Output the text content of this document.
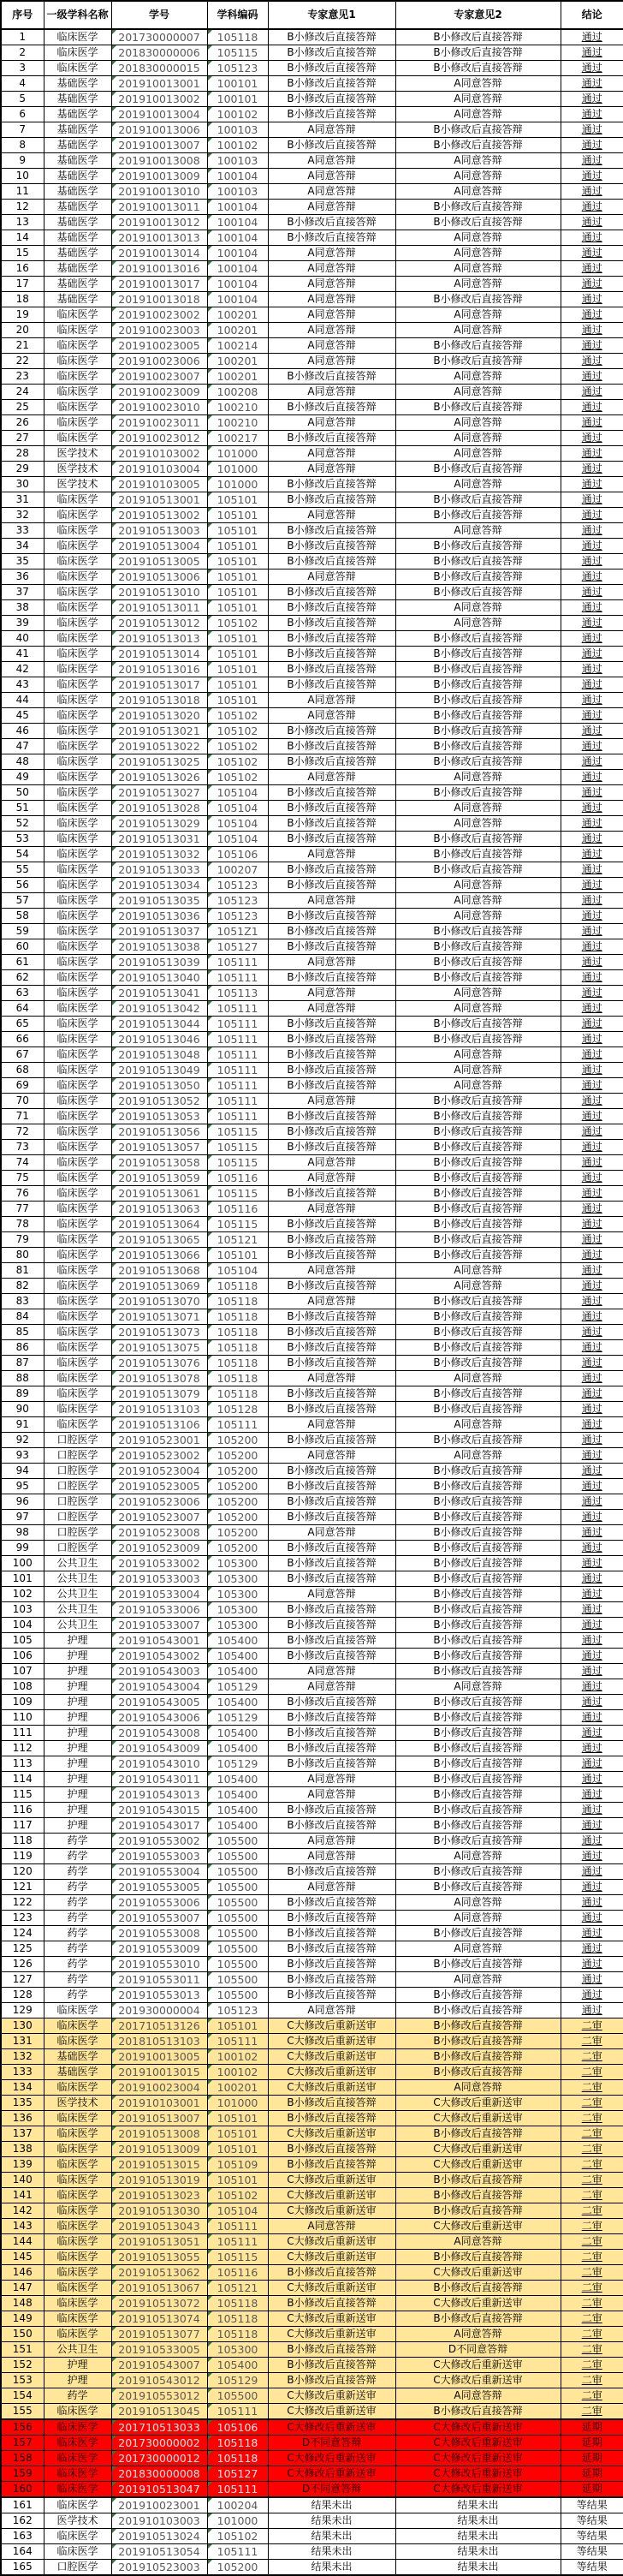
序号	一级学科名称	学号	学科编码	专家意见1	专家意见2	结论
1	临床医学	201730000007	105118	B小修改后直接答辩	B小修改后直接答辩	通过
2	临床医学	201830000006	105115	B小修改后直接答辩	B小修改后直接答辩	通过
3	临床医学	201830000015	105123	B小修改后直接答辩	B小修改后直接答辩	通过
4	基础医学	201910013001	100101	B小修改后直接答辩	A同意答辩	通过
5	基础医学	201910013002	100101	B小修改后直接答辩	A同意答辩	通过
6	基础医学	201910013004	100102	B小修改后直接答辩	A同意答辩	通过
7	基础医学	201910013006	100103	A同意答辩	B小修改后直接答辩	通过
8	基础医学	201910013007	100102	B小修改后直接答辩	B小修改后直接答辩	通过
9	基础医学	201910013008	100103	A同意答辩	A同意答辩	通过
10	基础医学	201910013009	100104	A同意答辩	A同意答辩	通过
11	基础医学	201910013010	100103	A同意答辩	A同意答辩	通过
12	基础医学	201910013011	100104	A同意答辩	B小修改后直接答辩	通过
13	基础医学	201910013012	100104	B小修改后直接答辩	B小修改后直接答辩	通过
14	基础医学	201910013013	100104	B小修改后直接答辩	A同意答辩	通过
15	基础医学	201910013014	100104	A同意答辩	A同意答辩	通过
16	基础医学	201910013016	100104	A同意答辩	A同意答辩	通过
17	基础医学	201910013017	100104	A同意答辩	A同意答辩	通过
18	基础医学	201910013018	100104	A同意答辩	B小修改后直接答辩	通过
19	临床医学	201910023002	100201	A同意答辩	A同意答辩	通过
20	临床医学	201910023003	100201	A同意答辩	A同意答辩	通过
21	临床医学	201910023005	100214	A同意答辩	B小修改后直接答辩	通过
22	临床医学	201910023006	100201	A同意答辩	B小修改后直接答辩	通过
23	临床医学	201910023007	100201	B小修改后直接答辩	A同意答辩	通过
24	临床医学	201910023009	100208	A同意答辩	A同意答辩	通过
25	临床医学	201910023010	100210	B小修改后直接答辩	B小修改后直接答辩	通过
26	临床医学	201910023011	100210	A同意答辩	A同意答辩	通过
27	临床医学	201910023012	100217	B小修改后直接答辩	A同意答辩	通过
28	医学技术	201910103002	101000	A同意答辩	A同意答辩	通过
29	医学技术	201910103004	101000	A同意答辩	B小修改后直接答辩	通过
30	医学技术	201910103005	101000	B小修改后直接答辩	A同意答辩	通过
31	临床医学	201910513001	105101	B小修改后直接答辩	B小修改后直接答辩	通过
32	临床医学	201910513002	105101	A同意答辩	B小修改后直接答辩	通过
33	临床医学	201910513003	105101	B小修改后直接答辩	A同意答辩	通过
34	临床医学	201910513004	105101	B小修改后直接答辩	B小修改后直接答辩	通过
35	临床医学	201910513005	105101	B小修改后直接答辩	B小修改后直接答辩	通过
36	临床医学	201910513006	105101	A同意答辩	B小修改后直接答辩	通过
37	临床医学	201910513010	105101	B小修改后直接答辩	B小修改后直接答辩	通过
38	临床医学	201910513011	105101	B小修改后直接答辩	A同意答辩	通过
39	临床医学	201910513012	105102	B小修改后直接答辩	A同意答辩	通过
40	临床医学	201910513013	105101	B小修改后直接答辩	B小修改后直接答辩	通过
41	临床医学	201910513014	105101	B小修改后直接答辩	B小修改后直接答辩	通过
42	临床医学	201910513016	105101	B小修改后直接答辩	B小修改后直接答辩	通过
43	临床医学	201910513017	105101	B小修改后直接答辩	B小修改后直接答辩	通过
44	临床医学	201910513018	105101	A同意答辩	B小修改后直接答辩	通过
45	临床医学	201910513020	105102	A同意答辩	B小修改后直接答辩	通过
46	临床医学	201910513021	105102	B小修改后直接答辩	B小修改后直接答辩	通过
47	临床医学	201910513022	105102	B小修改后直接答辩	B小修改后直接答辩	通过
48	临床医学	201910513025	105102	B小修改后直接答辩	B小修改后直接答辩	通过
49	临床医学	201910513026	105102	A同意答辩	A同意答辩	通过
50	临床医学	201910513027	105104	B小修改后直接答辩	B小修改后直接答辩	通过
51	临床医学	201910513028	105104	B小修改后直接答辩	A同意答辩	通过
52	临床医学	201910513029	105104	B小修改后直接答辩	A同意答辩	通过
53	临床医学	201910513031	105104	B小修改后直接答辩	B小修改后直接答辩	通过
54	临床医学	201910513032	105106	A同意答辩	B小修改后直接答辩	通过
55	临床医学	201910513033	100207	B小修改后直接答辩	B小修改后直接答辩	通过
56	临床医学	201910513034	105123	B小修改后直接答辩	A同意答辩	通过
57	临床医学	201910513035	105123	A同意答辩	A同意答辩	通过
58	临床医学	201910513036	105123	B小修改后直接答辩	A同意答辩	通过
59	临床医学	201910513037	1051Z1	B小修改后直接答辩	B小修改后直接答辩	通过
60	临床医学	201910513038	105127	B小修改后直接答辩	B小修改后直接答辩	通过
61	临床医学	201910513039	105111	A同意答辩	B小修改后直接答辩	通过
62	临床医学	201910513040	105111	B小修改后直接答辩	B小修改后直接答辩	通过
63	临床医学	201910513041	105113	A同意答辩	A同意答辩	通过
64	临床医学	201910513042	105111	A同意答辩	A同意答辩	通过
65	临床医学	201910513044	105111	B小修改后直接答辩	B小修改后直接答辩	通过
66	临床医学	201910513046	105111	B小修改后直接答辩	B小修改后直接答辩	通过
67	临床医学	201910513048	105111	B小修改后直接答辩	A同意答辩	通过
68	临床医学	201910513049	105111	B小修改后直接答辩	A同意答辩	通过
69	临床医学	201910513050	105111	B小修改后直接答辩	A同意答辩	通过
70	临床医学	201910513052	105111	A同意答辩	B小修改后直接答辩	通过
71	临床医学	201910513053	105111	B小修改后直接答辩	B小修改后直接答辩	通过
72	临床医学	201910513056	105115	B小修改后直接答辩	B小修改后直接答辩	通过
73	临床医学	201910513057	105115	B小修改后直接答辩	B小修改后直接答辩	通过
74	临床医学	201910513058	105115	A同意答辩	B小修改后直接答辩	通过
75	临床医学	201910513059	105116	A同意答辩	B小修改后直接答辩	通过
76	临床医学	201910513061	105115	B小修改后直接答辩	B小修改后直接答辩	通过
77	临床医学	201910513063	105116	A同意答辩	B小修改后直接答辩	通过
78	临床医学	201910513064	105115	B小修改后直接答辩	B小修改后直接答辩	通过
79	临床医学	201910513065	105121	B小修改后直接答辩	B小修改后直接答辩	通过
80	临床医学	201910513066	105101	B小修改后直接答辩	B小修改后直接答辩	通过
81	临床医学	201910513068	105104	A同意答辩	A同意答辩	通过
82	临床医学	201910513069	105118	B小修改后直接答辩	A同意答辩	通过
83	临床医学	201910513070	105118	A同意答辩	B小修改后直接答辩	通过
84	临床医学	201910513071	105118	B小修改后直接答辩	B小修改后直接答辩	通过
85	临床医学	201910513073	105118	B小修改后直接答辩	B小修改后直接答辩	通过
86	临床医学	201910513075	105118	B小修改后直接答辩	B小修改后直接答辩	通过
87	临床医学	201910513076	105118	B小修改后直接答辩	B小修改后直接答辩	通过
88	临床医学	201910513078	105118	A同意答辩	A同意答辩	通过
89	临床医学	201910513079	105118	B小修改后直接答辩	B小修改后直接答辩	通过
90	临床医学	201910513103	105128	B小修改后直接答辩	B小修改后直接答辩	通过
91	临床医学	201910513106	105111	A同意答辩	A同意答辩	通过
92	口腔医学	201910523001	105200	B小修改后直接答辩	B小修改后直接答辩	通过
93	口腔医学	201910523002	105200	A同意答辩	A同意答辩	通过
94	口腔医学	201910523004	105200	B小修改后直接答辩	B小修改后直接答辩	通过
95	口腔医学	201910523005	105200	B小修改后直接答辩	B小修改后直接答辩	通过
96	口腔医学	201910523006	105200	B小修改后直接答辩	B小修改后直接答辩	通过
97	口腔医学	201910523007	105200	B小修改后直接答辩	B小修改后直接答辩	通过
98	口腔医学	201910523008	105200	A同意答辩	B小修改后直接答辩	通过
99	口腔医学	201910523009	105200	B小修改后直接答辩	B小修改后直接答辩	通过
100	公共卫生	201910533002	105300	B小修改后直接答辩	B小修改后直接答辩	通过
101	公共卫生	201910533003	105300	B小修改后直接答辩	B小修改后直接答辩	通过
102	公共卫生	201910533004	105300	A同意答辩	B小修改后直接答辩	通过
103	公共卫生	201910533006	105300	B小修改后直接答辩	B小修改后直接答辩	通过
104	公共卫生	201910533007	105300	B小修改后直接答辩	B小修改后直接答辩	通过
105	护理	201910543001	105400	B小修改后直接答辩	B小修改后直接答辩	通过
106	护理	201910543002	105400	B小修改后直接答辩	B小修改后直接答辩	通过
107	护理	201910543003	105400	A同意答辩	B小修改后直接答辩	通过
108	护理	201910543004	105129	A同意答辩	A同意答辩	通过
109	护理	201910543005	105400	B小修改后直接答辩	B小修改后直接答辩	通过
110	护理	201910543006	105129	B小修改后直接答辩	B小修改后直接答辩	通过
111	护理	201910543008	105400	B小修改后直接答辩	B小修改后直接答辩	通过
112	护理	201910543009	105400	B小修改后直接答辩	B小修改后直接答辩	通过
113	护理	201910543010	105129	B小修改后直接答辩	B小修改后直接答辩	通过
114	护理	201910543011	105400	A同意答辩	B小修改后直接答辩	通过
115	护理	201910543013	105400	A同意答辩	B小修改后直接答辩	通过
116	护理	201910543015	105400	B小修改后直接答辩	B小修改后直接答辩	通过
117	护理	201910543017	105400	B小修改后直接答辩	B小修改后直接答辩	通过
118	药学	201910553002	105500	A同意答辩	B小修改后直接答辩	通过
119	药学	201910553003	105500	A同意答辩	A同意答辩	通过
120	药学	201910553004	105500	B小修改后直接答辩	B小修改后直接答辩	通过
121	药学	201910553005	105500	A同意答辩	B小修改后直接答辩	通过
122	药学	201910553006	105500	B小修改后直接答辩	A同意答辩	通过
123	药学	201910553007	105500	B小修改后直接答辩	A同意答辩	通过
124	药学	201910553008	105500	B小修改后直接答辩	B小修改后直接答辩	通过
125	药学	201910553009	105500	B小修改后直接答辩	A同意答辩	通过
126	药学	201910553010	105500	B小修改后直接答辩	B小修改后直接答辩	通过
127	药学	201910553011	105500	B小修改后直接答辩	A同意答辩	通过
128	药学	201910553013	105500	B小修改后直接答辩	B小修改后直接答辩	通过
129	临床医学	201930000004	105123	A同意答辩	B小修改后直接答辩	通过
130	临床医学	201710513126	105101	C大修改后重新送审	B小修改后直接答辩	二审
131	临床医学	201810513103	105111	C大修改后重新送审	B小修改后直接答辩	二审
132	基础医学	201910013005	100102	C大修改后重新送审	B小修改后直接答辩	二审
133	基础医学	201910013015	100102	C大修改后重新送审	B小修改后直接答辩	二审
134	临床医学	201910023004	100201	C大修改后重新送审	A同意答辩	二审
135	医学技术	201910103001	101000	B小修改后直接答辩	C大修改后重新送审	二审
136	临床医学	201910513007	105101	B小修改后直接答辩	C大修改后重新送审	二审
137	临床医学	201910513008	105101	C大修改后重新送审	B小修改后直接答辩	二审
138	临床医学	201910513009	105101	B小修改后直接答辩	C大修改后重新送审	二审
139	临床医学	201910513015	105109	B小修改后直接答辩	C大修改后重新送审	二审
140	临床医学	201910513019	105101	C大修改后重新送审	B小修改后直接答辩	二审
141	临床医学	201910513023	105102	C大修改后重新送审	B小修改后直接答辩	二审
142	临床医学	201910513030	105104	C大修改后重新送审	B小修改后直接答辩	二审
143	临床医学	201910513043	105111	A同意答辩	C大修改后重新送审	二审
144	临床医学	201910513051	105111	C大修改后重新送审	A同意答辩	二审
145	临床医学	201910513055	105115	C大修改后重新送审	B小修改后直接答辩	二审
146	临床医学	201910513062	105116	B小修改后直接答辩	C大修改后重新送审	二审
147	临床医学	201910513067	105121	C大修改后重新送审	B小修改后直接答辩	二审
148	临床医学	201910513072	105118	B小修改后直接答辩	C大修改后重新送审	二审
149	临床医学	201910513074	105118	C大修改后重新送审	B小修改后直接答辩	二审
150	临床医学	201910513077	105118	C大修改后重新送审	A同意答辩	二审
151	公共卫生	201910533005	105300	B小修改后直接答辩	D不同意答辩	二审
152	护理	201910543007	105400	B小修改后直接答辩	C大修改后重新送审	二审
153	护理	201910543012	105129	B小修改后直接答辩	C大修改后重新送审	二审
154	药学	201910553012	105500	C大修改后重新送审	A同意答辩	二审
155	临床医学	201910513045	105111	C大修改后重新送审	B小修改后直接答辩	二审
156	临床医学	201710513033	105106	C大修改后重新送审	C大修改后重新送审	延期
157	临床医学	201730000002	105118	D不同意答辩	C大修改后重新送审	延期
158	临床医学	201730000012	105118	C大修改后重新送审	C大修改后重新送审	延期
159	临床医学	201830000008	105127	C大修改后重新送审	C大修改后重新送审	延期
160	临床医学	201910513047	105111	D不同意答辩	C大修改后重新送审	延期
161	临床医学	201910023001	100204	结果未出	结果未出	等结果
162	医学技术	201910103003	101000	结果未出	结果未出	等结果
163	临床医学	201910513024	105102	结果未出	结果未出	等结果
164	临床医学	201910513054	105111	结果未出	结果未出	等结果
165	口腔医学	201910523003	105200	结果未出	结果未出	等结果
